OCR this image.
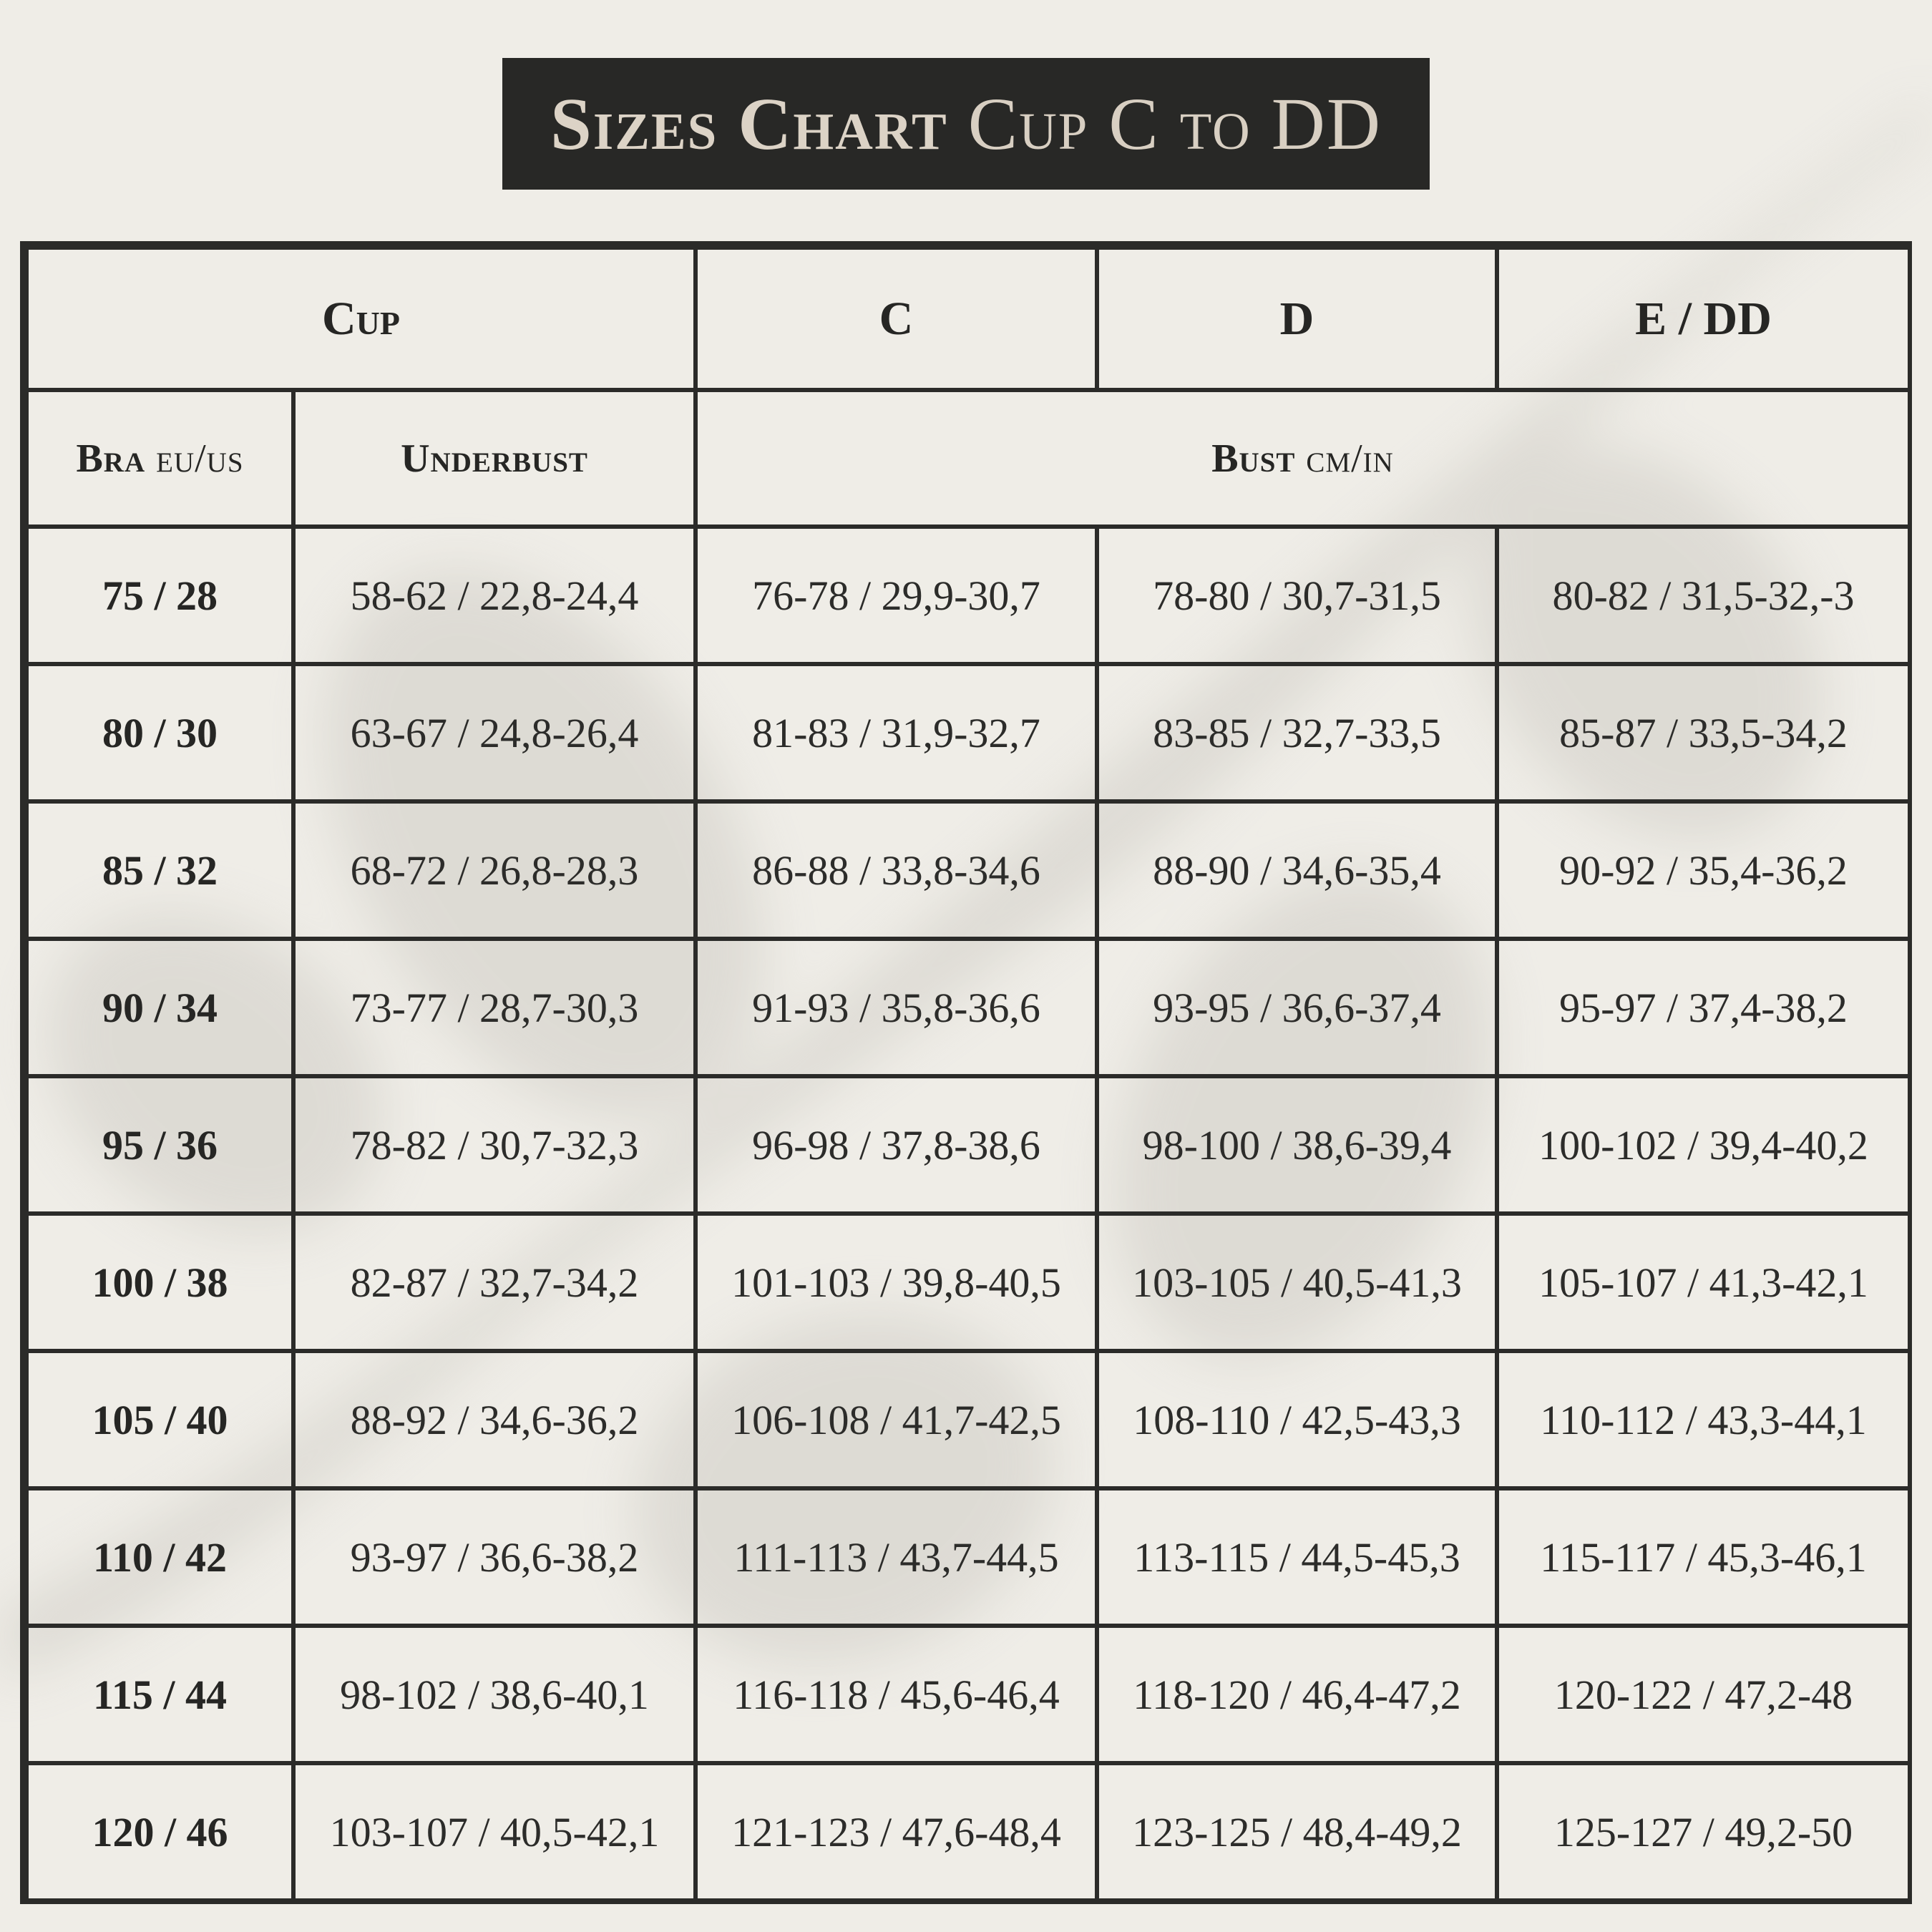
Sizes Chart Cup C to DD
Cup		C	D	E / DD
Bra eu/us	Underbust	Bust cm/in		
75 / 28	58-62 / 22,8-24,4	76-78 / 29,9-30,7	78-80 / 30,7-31,5	80-82 / 31,5-32,-3
80 / 30	63-67 / 24,8-26,4	81-83 / 31,9-32,7	83-85 / 32,7-33,5	85-87 / 33,5-34,2
85 / 32	68-72 / 26,8-28,3	86-88 / 33,8-34,6	88-90 / 34,6-35,4	90-92 / 35,4-36,2
90 / 34	73-77 / 28,7-30,3	91-93 / 35,8-36,6	93-95 / 36,6-37,4	95-97 / 37,4-38,2
95 / 36	78-82 / 30,7-32,3	96-98 / 37,8-38,6	98-100 / 38,6-39,4	100-102 / 39,4-40,2
100 / 38	82-87 / 32,7-34,2	101-103 / 39,8-40,5	103-105 / 40,5-41,3	105-107 / 41,3-42,1
105 / 40	88-92 / 34,6-36,2	106-108 / 41,7-42,5	108-110 / 42,5-43,3	110-112 / 43,3-44,1
110 / 42	93-97 / 36,6-38,2	111-113 / 43,7-44,5	113-115 / 44,5-45,3	115-117 / 45,3-46,1
115 / 44	98-102 / 38,6-40,1	116-118 / 45,6-46,4	118-120 / 46,4-47,2	120-122 / 47,2-48
120 / 46	103-107 / 40,5-42,1	121-123 / 47,6-48,4	123-125 / 48,4-49,2	125-127 / 49,2-50
